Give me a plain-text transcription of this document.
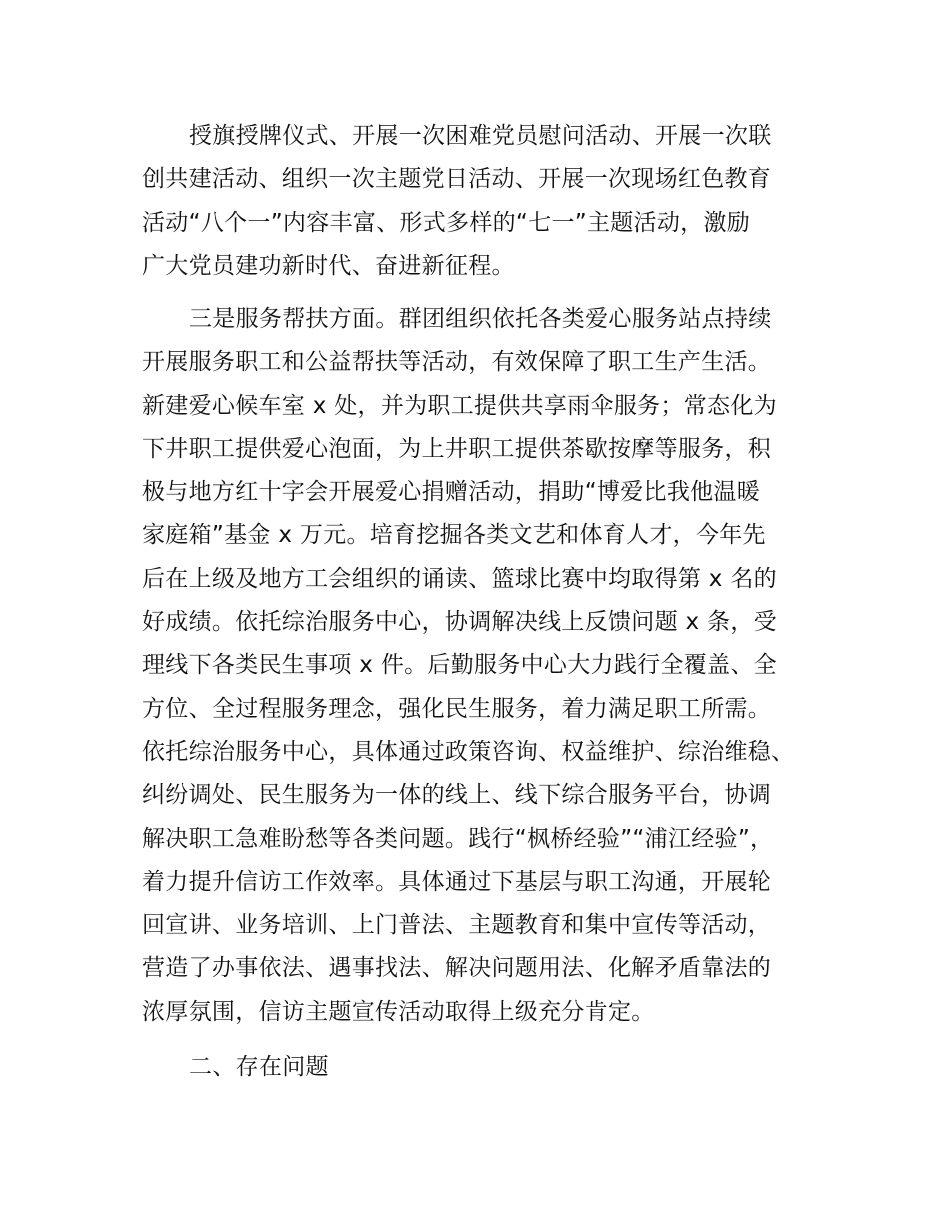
授旗授牌仪式、开展一次困难党员慰问活动、开展一次联
创共建活动、组织一次主题党日活动、开展一次现场红色教育
活动“八个一”内容丰富、形式多样的“七一”主题活动，激励
广大党员建功新时代、奋进新征程。
三是服务帮扶方面。群团组织依托各类爱心服务站点持续
开展服务职工和公益帮扶等活动，有效保障了职工生产生活。
新建爱心候车室 x 处，并为职工提供共享雨伞服务；常态化为
下井职工提供爱心泡面，为上井职工提供茶歇按摩等服务，积
极与地方红十字会开展爱心捐赠活动，捐助“博爱比我他温暖
家庭箱”基金 x 万元。培育挖掘各类文艺和体育人才，今年先
后在上级及地方工会组织的诵读、篮球比赛中均取得第 x 名的
好成绩。依托综治服务中心，协调解决线上反馈问题 x 条，受
理线下各类民生事项 x 件。后勤服务中心大力践行全覆盖、全
方位、全过程服务理念，强化民生服务，着力满足职工所需。
依托综治服务中心，具体通过政策咨询、权益维护、综治维稳、
纠纷调处、民生服务为一体的线上、线下综合服务平台，协调
解决职工急难盼愁等各类问题。践行“枫桥经验”“浦江经验”，
着力提升信访工作效率。具体通过下基层与职工沟通，开展轮
回宣讲、业务培训、上门普法、主题教育和集中宣传等活动，
营造了办事依法、遇事找法、解决问题用法、化解矛盾靠法的
浓厚氛围，信访主题宣传活动取得上级充分肯定。
二、存在问题
